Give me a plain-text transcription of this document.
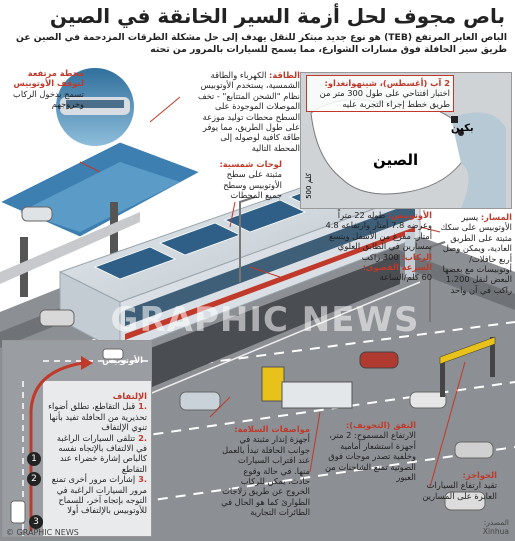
باص مجوف لحل أزمة السير الخانقة في الصين
الباص العابر المرتفع (TEB) هو نوع جديد مبتكر للنقل يهدف إلى حل مشكلة الطرقات المزدحمة في الصين عن طريق سير الحافلة فوق مسارات الشوارع، مما يسمح للسيارات بالمرور من تحته
بكين
الصين
500 كلم
2 آب (أغسطس)، شينهوانغداو: اختبار افتتاحي على طول 300 متر من طريق خطط إجراء التجربة عليه
محطة مرتفعة لتوقف الأوتوبيس
تسمح بدخول الركاب وخروجهم
الطاقة: الكهرباء والطاقة الشمسية، يستخدم الأوتوبيس نظام "الشحن المتتابع" - تخف الموصلات الموجودة على السطح محطات توليد موزعة على طول الطريق، مما يوفر طاقة كافية لوصوله إلى المحطة التالية
لوحات شمسية:
مثبتة على سطح الأوتوبيس وسطح جميع المحطات
الأوتوبيس: طوله 22 متراً وعرضه 7.8 أمتار وارتفاعه 4.8 أمتار. مفرغ من الأسفل ويتسع بمسارين في الطابق العلوي
الركاب: 300 راكب
السرعة القصوى:
60 كلم/الساعة
المسار: يسير الأوتوبيس على سكك مثبتة على الطريق العادية، ويمكن وصل أربع حافلات/أوتوبيسات مع بعضها البعض لنقل 1،200 راكب في آن واحد
مواصفات السلامة:
أجهزة إنذار مثبتة في جوانب الحافلة تبدأ بالعمل عند اقتراب السيارات منها. في حالة وقوع حادث، يمكن للركاب الخروج عن طريق زلاجات الطوارئ كما هو الحال في الطائرات التجارية
النفق (التجويف):
الارتفاع المسموح: 2 متر، أجهزة استشعار أمامية وخلفية تصدر موجات فوق الصوتية تمنع الشاحنات من العبور	الحواجز:
تقيد ارتفاع السيارات العابرة على المسارين
الأوتوبيس
1
2
3
الإلتفاف
.1 قبل التقاطع، تطلق أضواء تحذيرية من الحافلة تفيد بأنها تنوي الإلتفاف
.2 تتلقى السيارات الراغبة في الالتفاف بالإتجاه نفسه كالباص إشارة خضراء عند التقاطع
.3 إشارات مرور أخرى تمنع مرور السيارات الراغبة في التوجه بإتجاه آخر، للسماح للأوتوبيس بالإلتفاف أولا
GRAPHIC NEWS
© GRAPHIC NEWS
المصدر:
Xinhua
